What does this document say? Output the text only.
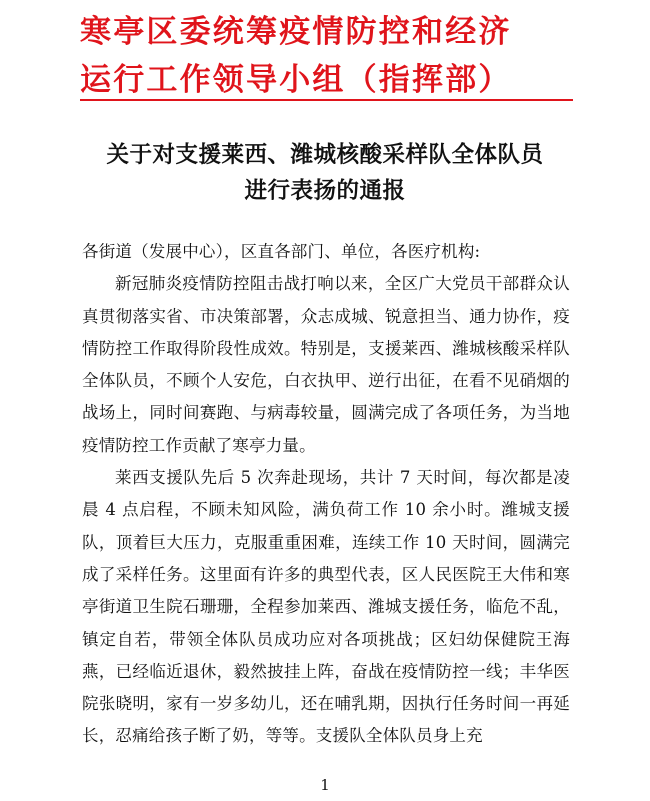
寒亭区委统筹疫情防控和经济
运行工作领导小组（指挥部）
关于对支援莱西、潍城核酸采样队全体队员
进行表扬的通报

各街道（发展中心），区直各部门、单位，各医疗机构:

新冠肺炎疫情防控阻击战打响以来，全区广大党员干部群众认真贯彻落实省、市决策部署，众志成城、锐意担当、通力协作，疫情防控工作取得阶段性成效。特别是，支援莱西、潍城核酸采样队全体队员，不顾个人安危，白衣执甲、逆行出征，在看不见硝烟的战场上，同时间赛跑、与病毒较量，圆满完成了各项任务，为当地疫情防控工作贡献了寒亭力量。

莱西支援队先后 5 次奔赴现场，共计 7 天时间，每次都是凌晨 4 点启程，不顾未知风险，满负荷工作 10 余小时。潍城支援队，顶着巨大压力，克服重重困难，连续工作 10 天时间，圆满完成了采样任务。这里面有许多的典型代表，区人民医院王大伟和寒亭街道卫生院石珊珊，全程参加莱西、潍城支援任务，临危不乱，镇定自若，带领全体队员成功应对各项挑战；区妇幼保健院王海燕，已经临近退休，毅然披挂上阵，奋战在疫情防控一线；丰华医院张晓明，家有一岁多幼儿，还在哺乳期，因执行任务时间一再延长，忍痛给孩子断了奶，等等。支援队全体队员身上充

1
